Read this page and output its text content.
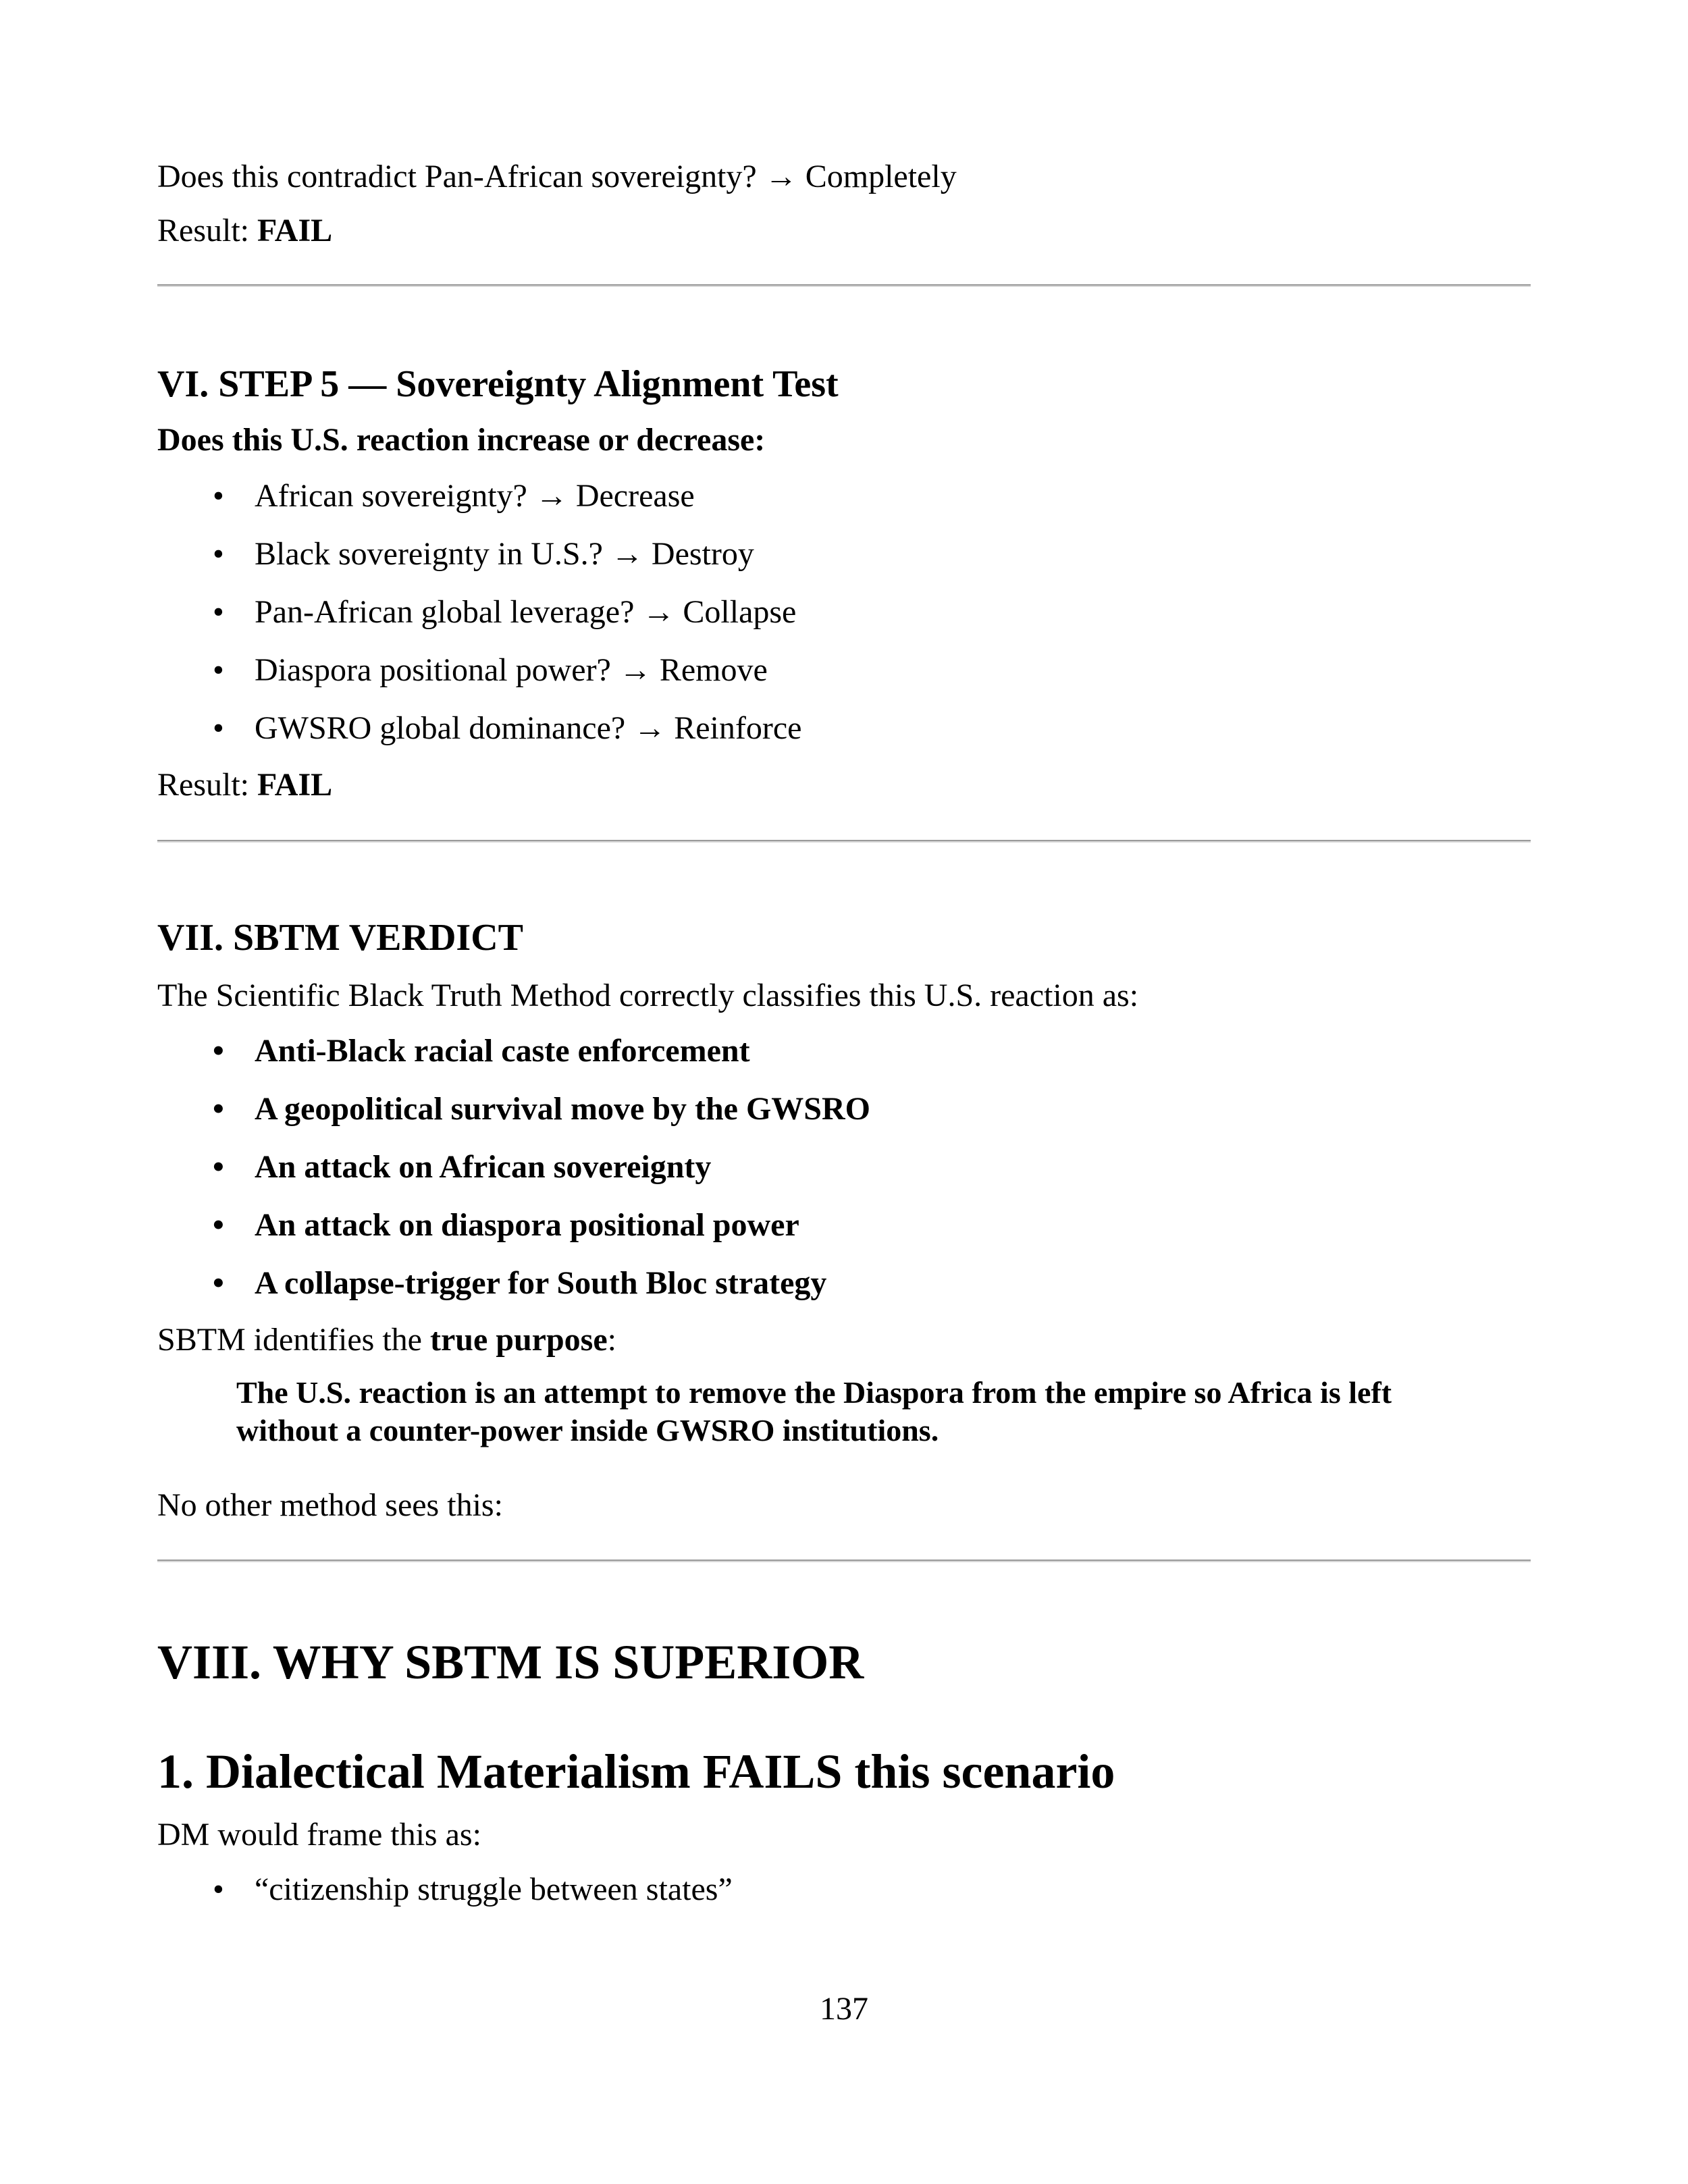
Does this contradict Pan-African sovereignty? → Completely
Result: FAIL
VI. STEP 5 — Sovereignty Alignment Test
Does this U.S. reaction increase or decrease:
• African sovereignty? → Decrease
• Black sovereignty in U.S.? → Destroy
• Pan-African global leverage? → Collapse
• Diaspora positional power? → Remove
• GWSRO global dominance? → Reinforce
Result: FAIL
VII. SBTM VERDICT
The Scientific Black Truth Method correctly classifies this U.S. reaction as:
• Anti-Black racial caste enforcement
• A geopolitical survival move by the GWSRO
• An attack on African sovereignty
• An attack on diaspora positional power
• A collapse-trigger for South Bloc strategy
SBTM identifies the true purpose:
The U.S. reaction is an attempt to remove the Diaspora from the empire so Africa is left without a counter-power inside GWSRO institutions.
No other method sees this:
VIII. WHY SBTM IS SUPERIOR
1. Dialectical Materialism FAILS this scenario
DM would frame this as:
• “citizenship struggle between states”
137
